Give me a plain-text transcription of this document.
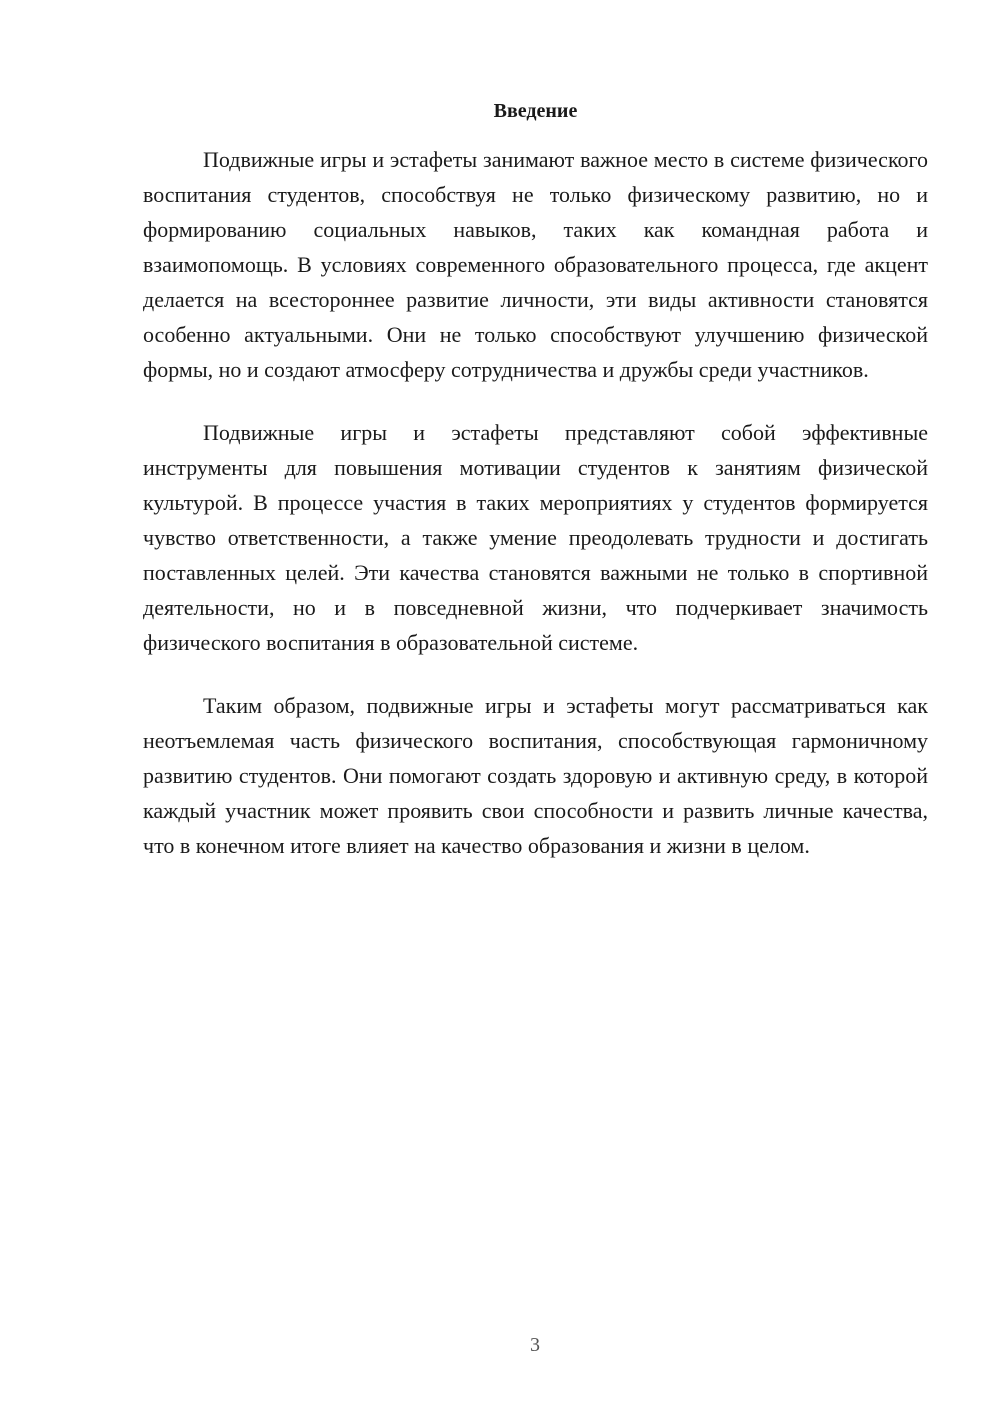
Введение

Подвижные игры и эстафеты занимают важное место в системе физического воспитания студентов, способствуя не только физическому развитию, но и формированию социальных навыков, таких как командная работа и взаимопомощь. В условиях современного образовательного процесса, где акцент делается на всестороннее развитие личности, эти виды активности становятся особенно актуальными. Они не только способствуют улучшению физической формы, но и создают атмосферу сотрудничества и дружбы среди участников.

Подвижные игры и эстафеты представляют собой эффективные инструменты для повышения мотивации студентов к занятиям физической культурой. В процессе участия в таких мероприятиях у студентов формируется чувство ответственности, а также умение преодолевать трудности и достигать поставленных целей. Эти качества становятся важными не только в спортивной деятельности, но и в повседневной жизни, что подчеркивает значимость физического воспитания в образовательной системе.

Таким образом, подвижные игры и эстафеты могут рассматриваться как неотъемлемая часть физического воспитания, способствующая гармоничному развитию студентов. Они помогают создать здоровую и активную среду, в которой каждый участник может проявить свои способности и развить личные качества, что в конечном итоге влияет на качество образования и жизни в целом.

3
